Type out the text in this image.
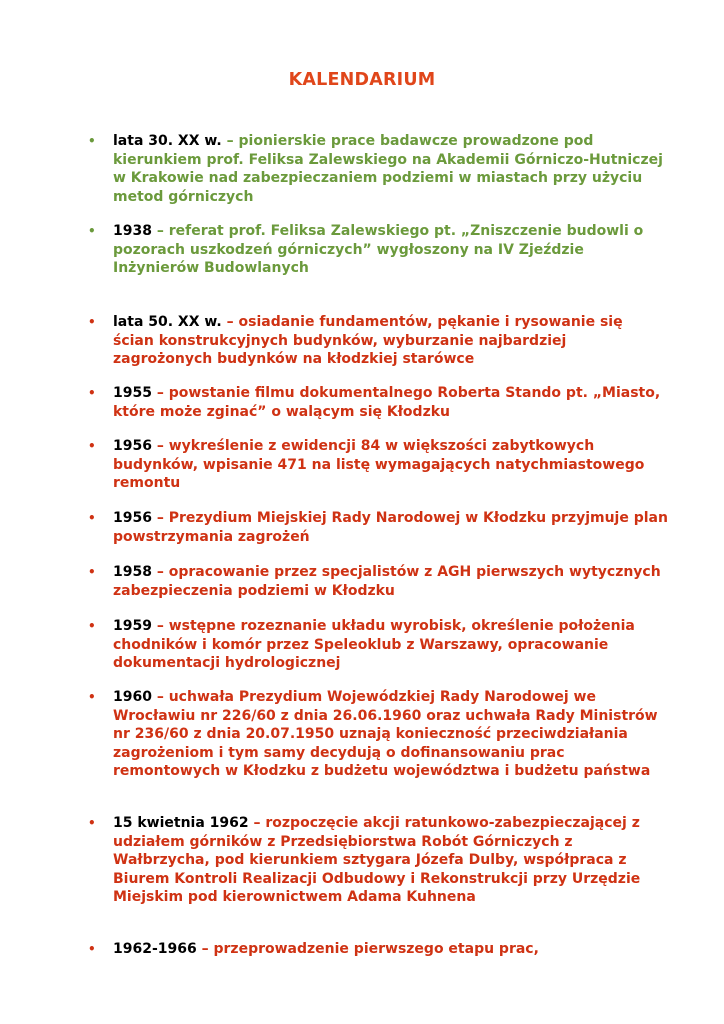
KALENDARIUM
• lata 30. XX w. – pionierskie prace badawcze prowadzone pod kierunkiem prof. Feliksa Zalewskiego na Akademii Górniczo-Hutniczej w Krakowie nad zabezpieczaniem podziemi w miastach przy użyciu metod górniczych
• 1938 – referat prof. Feliksa Zalewskiego pt. „Zniszczenie budowli o pozorach uszkodzeń górniczych” wygłoszony na IV Zjeździe Inżynierów Budowlanych
• lata 50. XX w. – osiadanie fundamentów, pękanie i rysowanie się ścian konstrukcyjnych budynków, wyburzanie najbardziej zagrożonych budynków na kłodzkiej starówce
• 1955 – powstanie filmu dokumentalnego Roberta Stando pt. „Miasto, które może zginać” o walącym się Kłodzku
• 1956 – wykreślenie z ewidencji 84 w większości zabytkowych budynków, wpisanie 471 na listę wymagających natychmiastowego remontu
• 1956 – Prezydium Miejskiej Rady Narodowej w Kłodzku przyjmuje plan powstrzymania zagrożeń
• 1958 – opracowanie przez specjalistów z AGH pierwszych wytycznych zabezpieczenia podziemi w Kłodzku
• 1959 – wstępne rozeznanie układu wyrobisk, określenie położenia chodników i komór przez Speleoklub z Warszawy, opracowanie dokumentacji hydrologicznej
• 1960 – uchwała Prezydium Wojewódzkiej Rady Narodowej we Wrocławiu nr 226/60 z dnia 26.06.1960 oraz uchwała Rady Ministrów nr 236/60 z dnia 20.07.1950 uznają konieczność przeciwdziałania zagrożeniom i tym samy decydują o dofinansowaniu prac remontowych w Kłodzku z budżetu województwa i budżetu państwa
• 15 kwietnia 1962 – rozpoczęcie akcji ratunkowo-zabezpieczającej z udziałem górników z Przedsiębiorstwa Robót Górniczych z Wałbrzycha, pod kierunkiem sztygara Józefa Dulby, współpraca z Biurem Kontroli Realizacji Odbudowy i Rekonstrukcji przy Urzędzie Miejskim pod kierownictwem Adama Kuhnena
• 1962-1966 – przeprowadzenie pierwszego etapu prac,
